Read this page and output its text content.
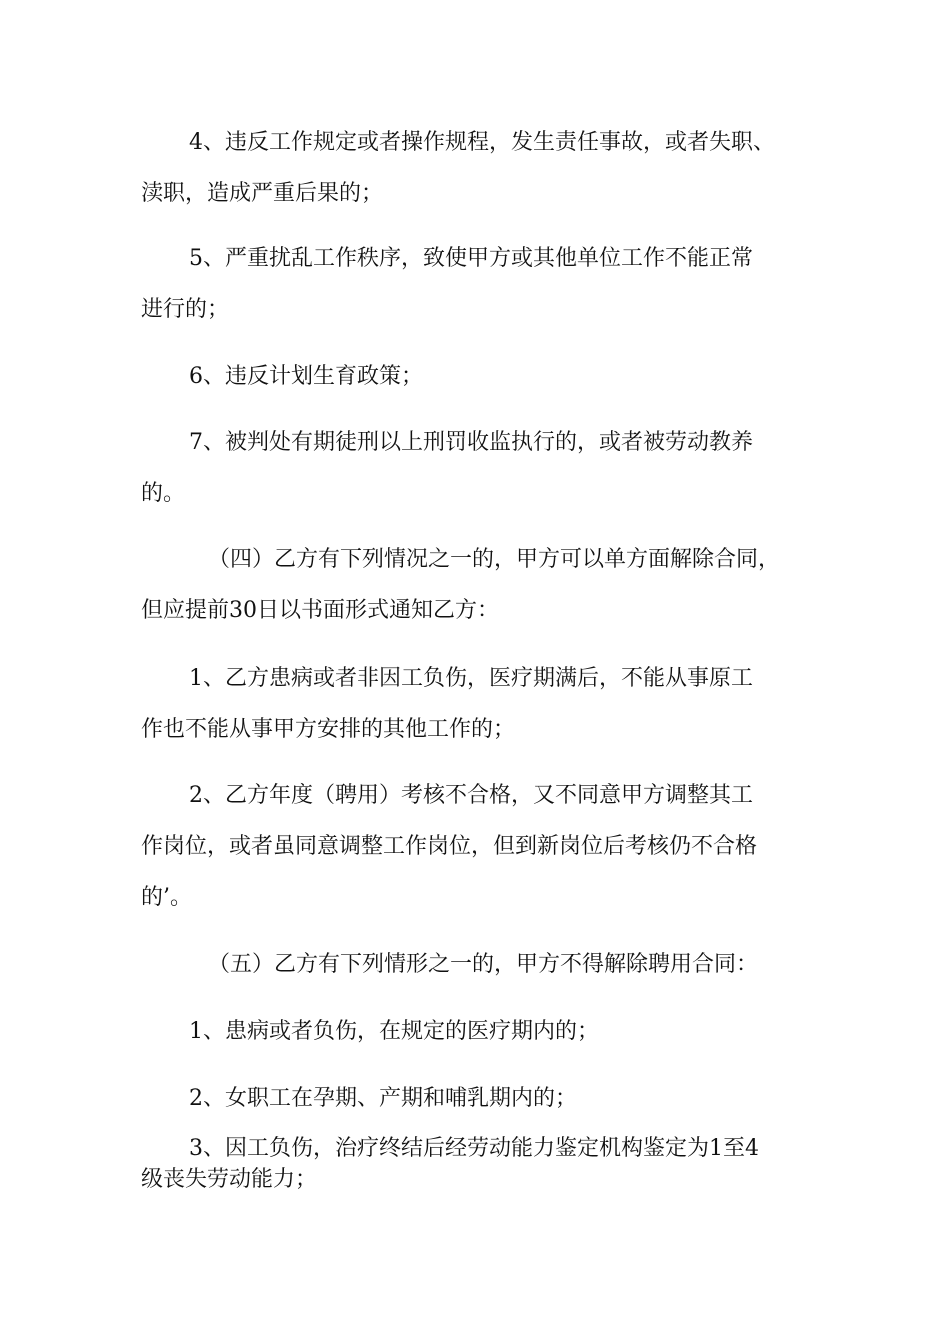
4、违反工作规定或者操作规程，发生责任事故，或者失职、

渎职，造成严重后果的；

5、严重扰乱工作秩序，致使甲方或其他单位工作不能正常

进行的；

6、违反计划生育政策；

7、被判处有期徒刑以上刑罚收监执行的，或者被劳动教养

的。

（四）乙方有下列情况之一的，甲方可以单方面解除合同，

但应提前30日以书面形式通知乙方：

1、乙方患病或者非因工负伤，医疗期满后，不能从事原工

作也不能从事甲方安排的其他工作的；

2、乙方年度（聘用）考核不合格，又不同意甲方调整其工

作岗位，或者虽同意调整工作岗位，但到新岗位后考核仍不合格

的’。

（五）乙方有下列情形之一的，甲方不得解除聘用合同：

1、患病或者负伤，在规定的医疗期内的；

2、女职工在孕期、产期和哺乳期内的；

3、因工负伤，治疗终结后经劳动能力鉴定机构鉴定为1至4

级丧失劳动能力；
